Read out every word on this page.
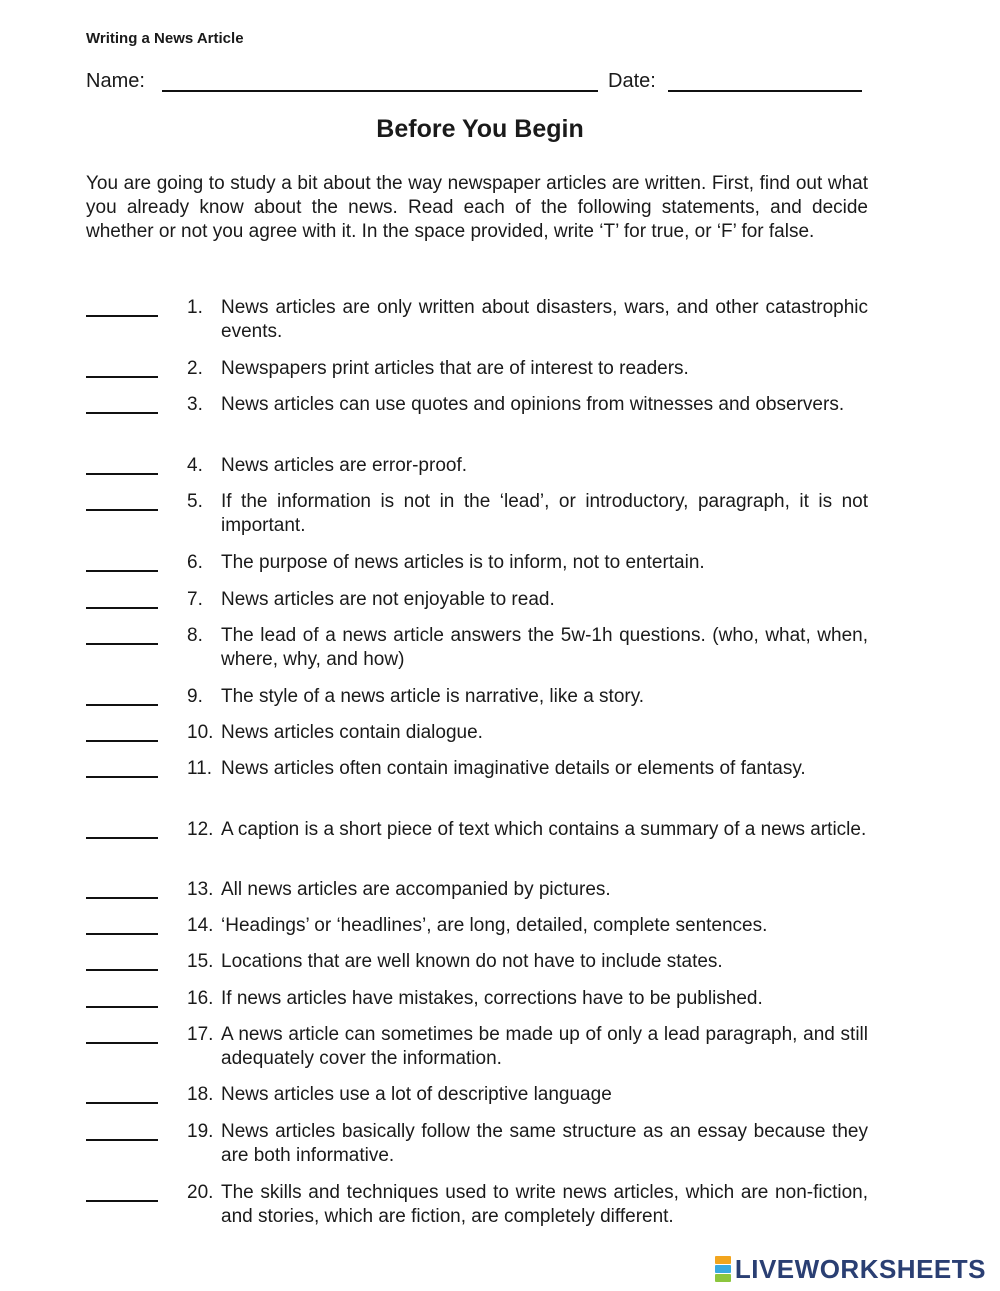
Writing a News Article
Name:	Date:
Before You Begin

You are going to study a bit about the way newspaper articles are written. First, find out what you already know about the news. Read each of the following statements, and decide whether or not you agree with it. In the space provided, write ‘T’ for true, or ‘F’ for false.

1. News articles are only written about disasters, wars, and other catastrophic events.
2. Newspapers print articles that are of interest to readers.
3. News articles can use quotes and opinions from witnesses and observers.
4. News articles are error-proof.
5. If the information is not in the ‘lead’, or introductory, paragraph, it is not important.
6. The purpose of news articles is to inform, not to entertain.
7. News articles are not enjoyable to read.
8. The lead of a news article answers the 5w-1h questions. (who, what, when, where, why, and how)
9. The style of a news article is narrative, like a story.
10. News articles contain dialogue.
11. News articles often contain imaginative details or elements of fantasy.
12. A caption is a short piece of text which contains a summary of a news article.
13. All news articles are accompanied by pictures.
14. ‘Headings’ or ‘headlines’, are long, detailed, complete sentences.
15. Locations that are well known do not have to include states.
16. If news articles have mistakes, corrections have to be published.
17. A news article can sometimes be made up of only a lead paragraph, and still adequately cover the information.
18. News articles use a lot of descriptive language
19. News articles basically follow the same structure as an essay because they are both informative.
20. The skills and techniques used to write news articles, which are non-fiction, and stories, which are fiction, are completely different.
LIVEWORKSHEETS
